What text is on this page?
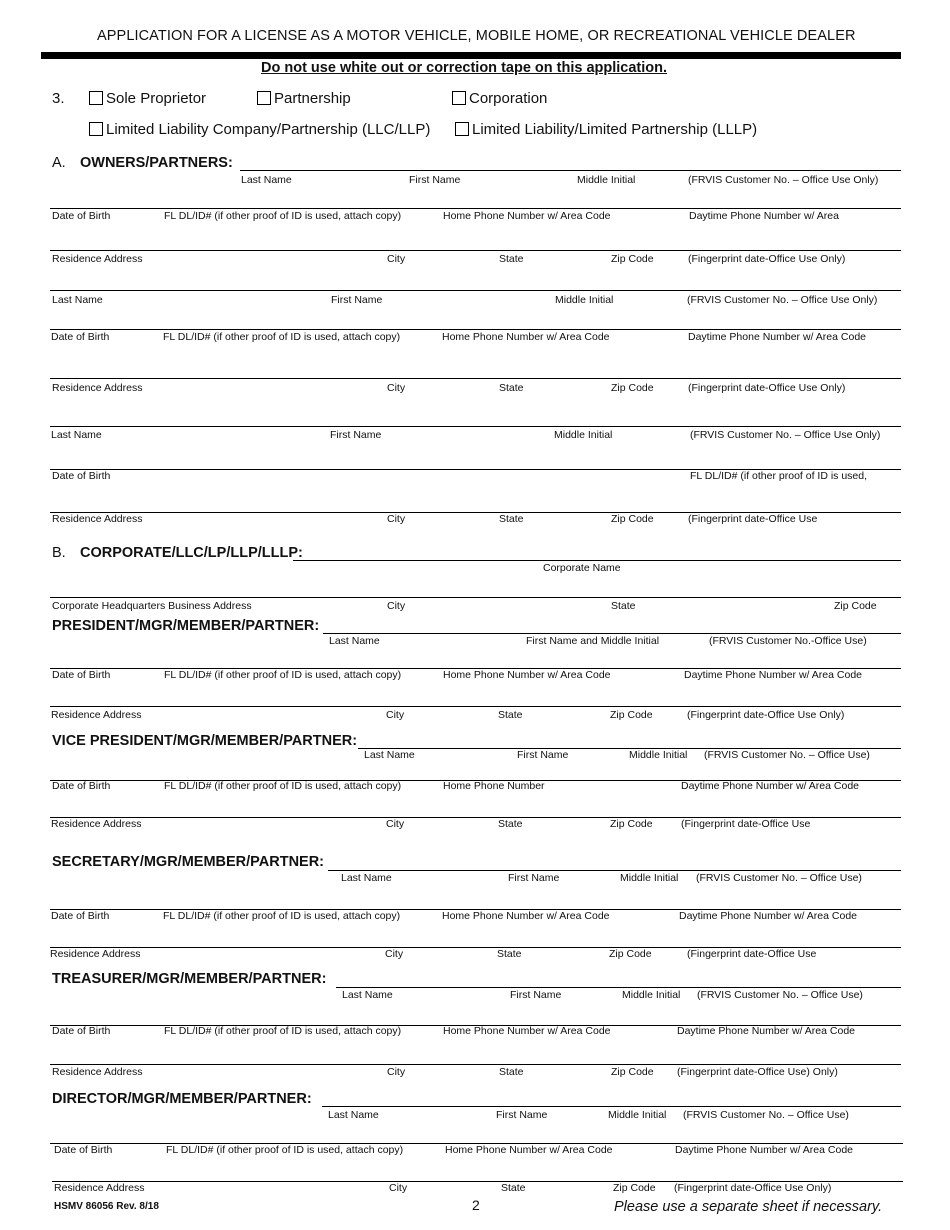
APPLICATION FOR A LICENSE AS A MOTOR VEHICLE, MOBILE HOME, OR RECREATIONAL VEHICLE DEALER
Do not use white out or correction tape on this application.
3.	Sole Proprietor	Partnership	Corporation
Limited Liability Company/Partnership (LLC/LLP)	Limited Liability/Limited Partnership (LLLP)
A. OWNERS/PARTNERS:
Last Name	First Name	Middle Initial	(FRVIS Customer No. – Office Use Only)
Date of Birth	FL DL/ID# (if other proof of ID is used, attach copy)	Home Phone Number w/ Area Code	Daytime Phone Number w/ Area
Residence Address	City	State	Zip Code	(Fingerprint date-Office Use Only)
Last Name	First Name	Middle Initial	(FRVIS Customer No. – Office Use Only)
Date of Birth	FL DL/ID# (if other proof of ID is used, attach copy)	Home Phone Number w/ Area Code	Daytime Phone Number w/ Area Code
Residence Address	City	State	Zip Code	(Fingerprint date-Office Use Only)
Last Name	First Name	Middle Initial	(FRVIS Customer No. – Office Use Only)
Date of Birth	FL DL/ID# (if other proof of ID is used,
Residence Address	City	State	Zip Code	(Fingerprint date-Office Use
B. CORPORATE/LLC/LP/LLP/LLLP:
Corporate Name
Corporate Headquarters Business Address	City	State	Zip Code
PRESIDENT/MGR/MEMBER/PARTNER:
Last Name	First Name and Middle Initial	(FRVIS Customer No.-Office Use)
Date of Birth	FL DL/ID# (if other proof of ID is used, attach copy)	Home Phone Number w/ Area Code	Daytime Phone Number w/ Area Code
Residence Address	City	State	Zip Code	(Fingerprint date-Office Use Only)
VICE PRESIDENT/MGR/MEMBER/PARTNER:
Last Name	First Name	Middle Initial (FRVIS Customer No. – Office Use)
Date of Birth	FL DL/ID# (if other proof of ID is used, attach copy)	Home Phone Number	Daytime Phone Number w/ Area Code
Residence Address	City	State	Zip Code	(Fingerprint date-Office Use
SECRETARY/MGR/MEMBER/PARTNER:
Last Name	First Name	Middle Initial (FRVIS Customer No. – Office Use)
Date of Birth	FL DL/ID# (if other proof of ID is used, attach copy)	Home Phone Number w/ Area Code	Daytime Phone Number w/ Area Code
Residence Address	City	State	Zip Code	(Fingerprint date-Office Use
TREASURER/MGR/MEMBER/PARTNER:
Last Name	First Name	Middle Initial (FRVIS Customer No. – Office Use)
Date of Birth	FL DL/ID# (if other proof of ID is used, attach copy)	Home Phone Number w/ Area Code	Daytime Phone Number w/ Area Code
Residence Address	City	State	Zip Code (Fingerprint date-Office Use) Only)
DIRECTOR/MGR/MEMBER/PARTNER:
Last Name	First Name	Middle Initial (FRVIS Customer No. – Office Use)
Date of Birth	FL DL/ID# (if other proof of ID is used, attach copy)	Home Phone Number w/ Area Code	Daytime Phone Number w/ Area Code
Residence Address	City	State	Zip Code (Fingerprint date-Office Use Only)
HSMV 86056 Rev. 8/18	2	Please use a separate sheet if necessary.
